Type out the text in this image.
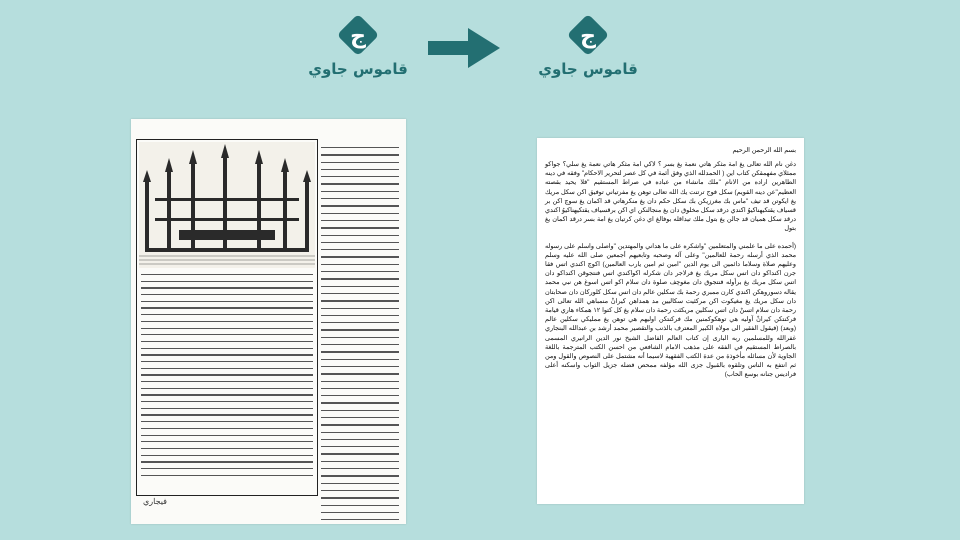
ج
قاموس جاوي
ج
قاموس جاوي
فيجاري
بسم الله الرحمن الرحيم

دغن نام الله تعالى يغ امة مثكر هاتي نعمة يغ بسر ؟ لاكي امة مثكر هاتي نعمة يغ سلي؟ جواكو ممئلاي مفهمقكن كتاب اين ( الحمدلله الذي وفق أئمة في كل عصر لتحرير الاحكام" وفقه في دينه الطاهرين اراده من الانام "ملك مانشاء من عباده في صراط المستقيم "فلا يحيد بقصته العظيم"عن دينه القويم) سكل فوج ترتنت يك الله تعالى توهن يغ مفرتياني توفيق اكن سكل مريك يغ ايكوتن قد تيف "ماس بك مغرزيكن بك سكل حكم دان يغ منكرهاتي قد اكمان يغ سوچ اكن بر قسياف يقتكيهناكيوُ اكندي درقد سكل مخلوق دان يغ منجالنكن اي اكن برقسياف يقتكيهناكيوُ اكندي درقد سكل هميان قد جالن يغ بتول ملك تيداقله بوفالغ اي دغن كرتيان يغ امة بسر درقد اكمان يغ بتول

(أحمده على ما علمني والمتعلمين "واشكره على ما هداني والمهتدين "واصلى واسلم على رسوله محمد الذي أرسله رحمة للعالمين" وعلى آله وصحبه وتابعيهم أجمعين صلى الله عليه وسلم وعليهم صلاة وسلاما دائمين الى يوم الدين "امين ثم امين يارب العالمين) اكوچ اكندي اتس فقا جرن اكنداكو دان اتس سكل مريك يغ فرلاجر دان شكرله اكواكندي اتس فنتجوقن اكنداكو دان اتس سكل مريك يغ برأوله فنتجوق دان مغوچف صلوة دان سلام اكو اتس اسوغ هن نبي محمد يقاله دسوروهكن اكندي كارن ممبري رحمة بك سكلين عالم دان اتس سكل كلوركان دان صحابتان دان سكل مريك يغ مغيكوت اكن مركئيت سكاليين مد همداهن كيرانْ منمباهي الله تعالى اكن رحمة دان سلام اتسنْ دان اتس سكلين مريكئت رحمة دان سلام يغ كل كتوا ١٢ همكاء هاري قيامة فركنتكن كيرانْ آوليه هي توهكوكمنين مك فركنتكن اوليهم هي توهن يغ ممليكي سكلين عالم (وبعد) (فيقول الفقير الى مولاه الكبير المعترف بالذنب والتقصير محمد أرشد بن عبدالله البنجاري غفرالله وللمسلمين ربه البارى إن كتاب العالم الفاضل الشيخ نور الدين الرانيري المسمى بالصراط المستقيم في الفقه على مذهب الامام الشافعي من احسن الكتب المترجمة باللغة الجاوية لأن مسائله مأخوذة من عدة الكتب الفقهية لاسيما أنه مشتمل على النصوص والقول ومن ثم انتفع به الناس وتلقوه بالقبول جزى الله مؤلفه ممحص فضله جزيل الثواب واسكنه أعلى فراديس جنانه بوسع الحاب)
